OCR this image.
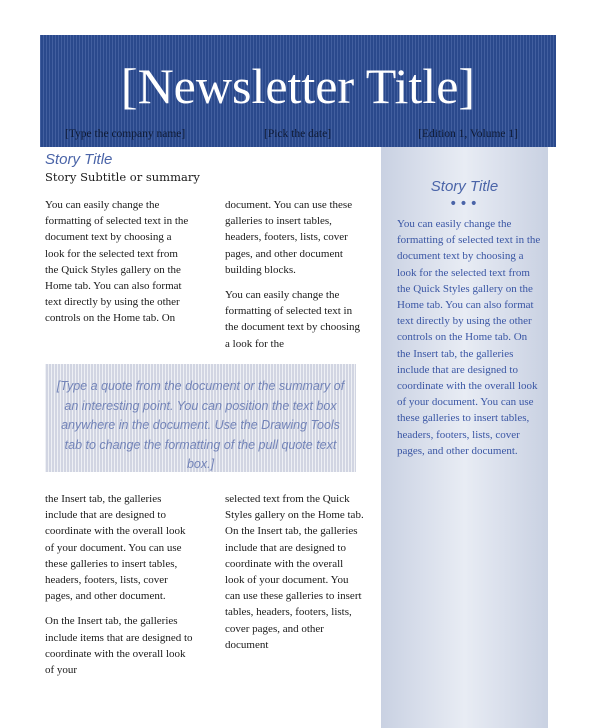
[Newsletter Title]
[Type the company name]	[Pick the date]	[Edition 1, Volume 1]
Story Title
Story Subtitle or summary

You can easily change the formatting of selected text in the document text by choosing a look for the selected text from the Quick Styles gallery on the Home tab. You can also format text directly by using the other controls on the Home tab. On

document. You can use these galleries to insert tables, headers, footers, lists, cover pages, and other document building blocks.

You can easily change the formatting of selected text in the document text by choosing a look for the

[Type a quote from the document or the summary of an interesting point. You can position the text box anywhere in the document. Use the Drawing Tools tab to change the formatting of the pull quote text box.]

the Insert tab, the galleries include that are designed to coordinate with the overall look of your document. You can use these galleries to insert tables, headers, footers, lists, cover pages, and other document.

On the Insert tab, the galleries include items that are designed to coordinate with the overall look of your

selected text from the Quick Styles gallery on the Home tab. On the Insert tab, the galleries include that are designed to coordinate with the overall look of your document. You can use these galleries to insert tables, headers, footers, lists, cover pages, and other document

Story Title
•••
You can easily change the formatting of selected text in the document text by choosing a look for the selected text from the Quick Styles gallery on the Home tab. You can also format text directly by using the other controls on the Home tab. On the Insert tab, the galleries include that are designed to coordinate with the overall look of your document. You can use these galleries to insert tables, headers, footers, lists, cover pages, and other document.
